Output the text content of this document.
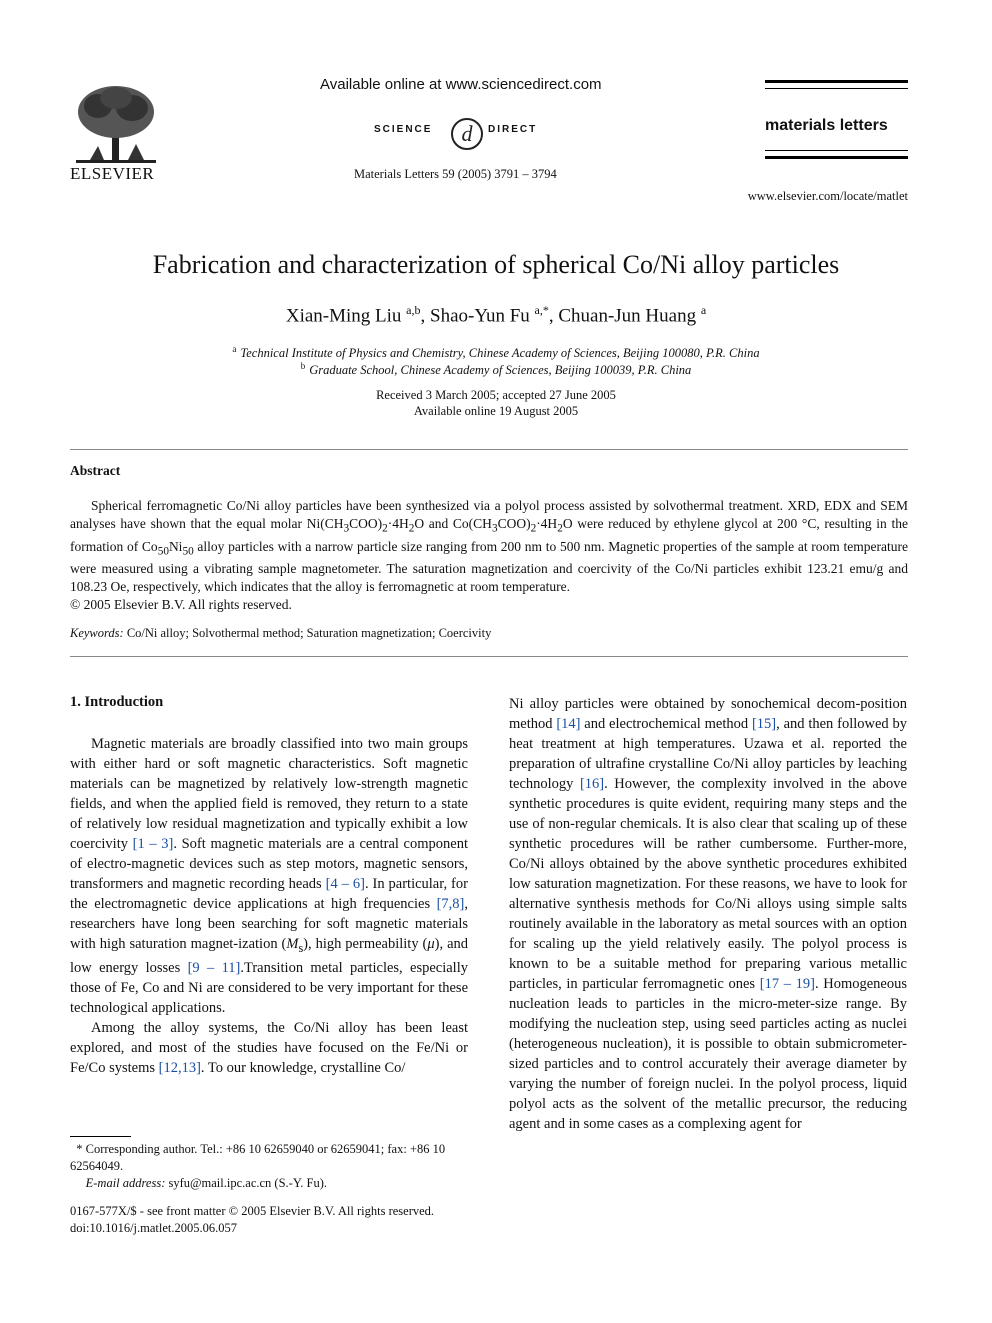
ELSEVIER
Available online at www.sciencedirect.com
SCIENCE d DIRECT
Materials Letters 59 (2005) 3791 – 3794
materials letters
www.elsevier.com/locate/matlet
Fabrication and characterization of spherical Co/Ni alloy particles
Xian-Ming Liu $^{a,b}$, Shao-Yun Fu $^{a,*}$, Chuan-Jun Huang $^a$
$^a$ Technical Institute of Physics and Chemistry, Chinese Academy of Sciences, Beijing 100080, P.R. China
$^b$ Graduate School, Chinese Academy of Sciences, Beijing 100039, P.R. China
Received 3 March 2005; accepted 27 June 2005
Available online 19 August 2005
Abstract
Spherical ferromagnetic Co/Ni alloy particles have been synthesized via a polyol process assisted by solvothermal treatment. XRD, EDX and SEM analyses have shown that the equal molar $Ni(CH_3COO)_2\cdot 4H_2O$ and $Co(CH_3COO)_2\cdot 4H_2O$ were reduced by ethylene glycol at 200 °C, resulting in the formation of $Co_{50}Ni_{50}$ alloy particles with a narrow particle size ranging from 200 nm to 500 nm. Magnetic properties of the sample at room temperature were measured using a vibrating sample magnetometer. The saturation magnetization and coercivity of the Co/Ni particles exhibit 123.21 emu/g and 108.23 Oe, respectively, which indicates that the alloy is ferromagnetic at room temperature.
© 2005 Elsevier B.V. All rights reserved.
Keywords: Co/Ni alloy; Solvothermal method; Saturation magnetization; Coercivity
1. Introduction

Magnetic materials are broadly classified into two main groups with either hard or soft magnetic characteristics. Soft magnetic materials can be magnetized by relatively low-strength magnetic fields, and when the applied field is removed, they return to a state of relatively low residual magnetization and typically exhibit a low coercivity [1 – 3]. Soft magnetic materials are a central component of electro-magnetic devices such as step motors, magnetic sensors, transformers and magnetic recording heads [4 – 6]. In particular, for the electromagnetic device applications at high frequencies [7,8], researchers have long been searching for soft magnetic materials with high saturation magnet-ization $(M_s)$, high permeability (μ), and low energy losses [9 – 11].Transition metal particles, especially those of Fe, Co and Ni are considered to be very important for these technological applications.

Among the alloy systems, the Co/Ni alloy has been least explored, and most of the studies have focused on the Fe/Ni or Fe/Co systems [12,13]. To our knowledge, crystalline Co/

Ni alloy particles were obtained by sonochemical decom-position method [14] and electrochemical method [15], and then followed by heat treatment at high temperatures. Uzawa et al. reported the preparation of ultrafine crystalline Co/Ni alloy particles by leaching technology [16]. However, the complexity involved in the above synthetic procedures is quite evident, requiring many steps and the use of non-regular chemicals. It is also clear that scaling up of these synthetic procedures will be rather cumbersome. Further-more, Co/Ni alloys obtained by the above synthetic procedures exhibited low saturation magnetization. For these reasons, we have to look for alternative synthesis methods for Co/Ni alloys using simple salts routinely available in the laboratory as metal sources with an option for scaling up the yield relatively easily. The polyol process is known to be a suitable method for preparing various metallic particles, in particular ferromagnetic ones [17 – 19]. Homogeneous nucleation leads to particles in the micro-meter-size range. By modifying the nucleation step, using seed particles acting as nuclei (heterogeneous nucleation), it is possible to obtain submicrometer-sized particles and to control accurately their average diameter by varying the number of foreign nuclei. In the polyol process, liquid polyol acts as the solvent of the metallic precursor, the reducing agent and in some cases as a complexing agent for

* Corresponding author. Tel.: +86 10 62659040 or 62659041; fax: +86 10 62564049.

E-mail address: syfu@mail.ipc.ac.cn (S.-Y. Fu).

0167-577X/$ - see front matter © 2005 Elsevier B.V. All rights reserved.
doi:10.1016/j.matlet.2005.06.057
